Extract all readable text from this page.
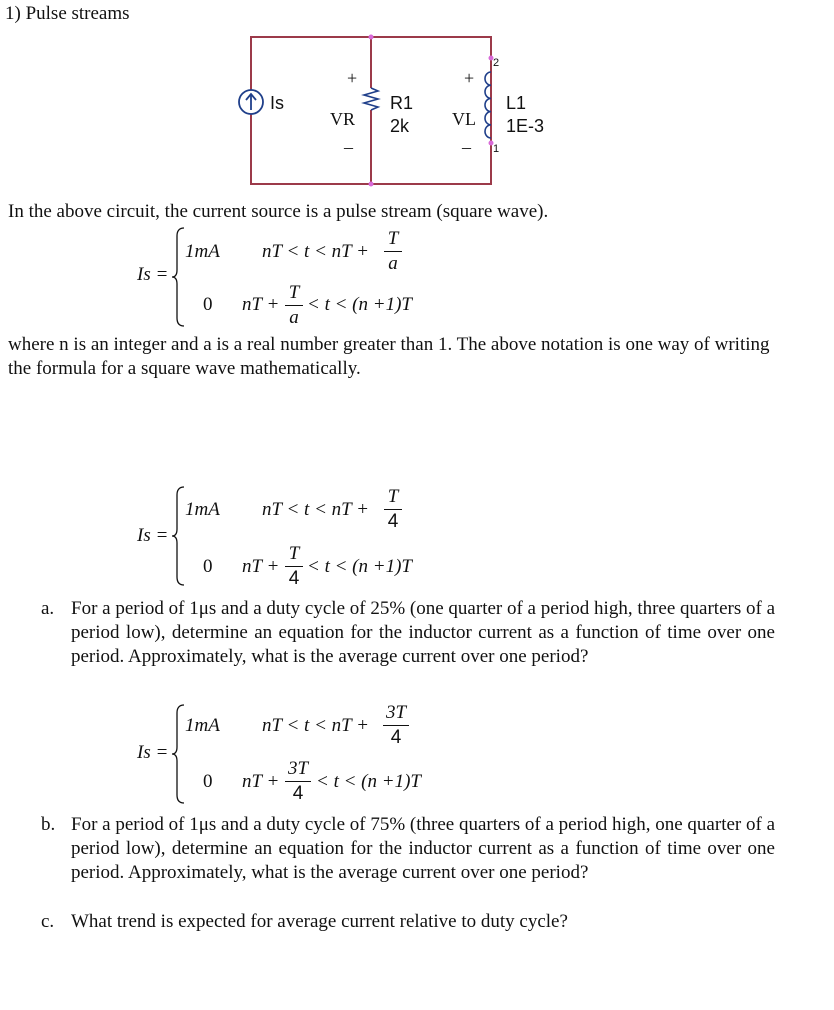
1) Pulse streams
Is
+
VR
–
R1
2k
2
1
+
VL
–
L1
1E-3
In the above circuit, the current source is a pulse stream (square wave).
Is =
1mA nT < t < nT +
T
a
0 nT +
T
a
< t < (n +1)T
where n is an integer and a is a real number greater than 1. The above notation is one way of writing the formula for a square wave mathematically.
Is =
1mA nT < t < nT +
T
4
0 nT +
T
4
< t < (n +1)T
a. For a period of 1μs and a duty cycle of 25% (one quarter of a period high, three quarters of a period low), determine an equation for the inductor current as a function of time over one period. Approximately, what is the average current over one period?
Is =
1mA nT < t < nT +
3T
4
0 nT +
3T
4
< t < (n +1)T
b. For a period of 1μs and a duty cycle of 75% (three quarters of a period high, one quarter of a period low), determine an equation for the inductor current as a function of time over one period. Approximately, what is the average current over one period?
c. What trend is expected for average current relative to duty cycle?
